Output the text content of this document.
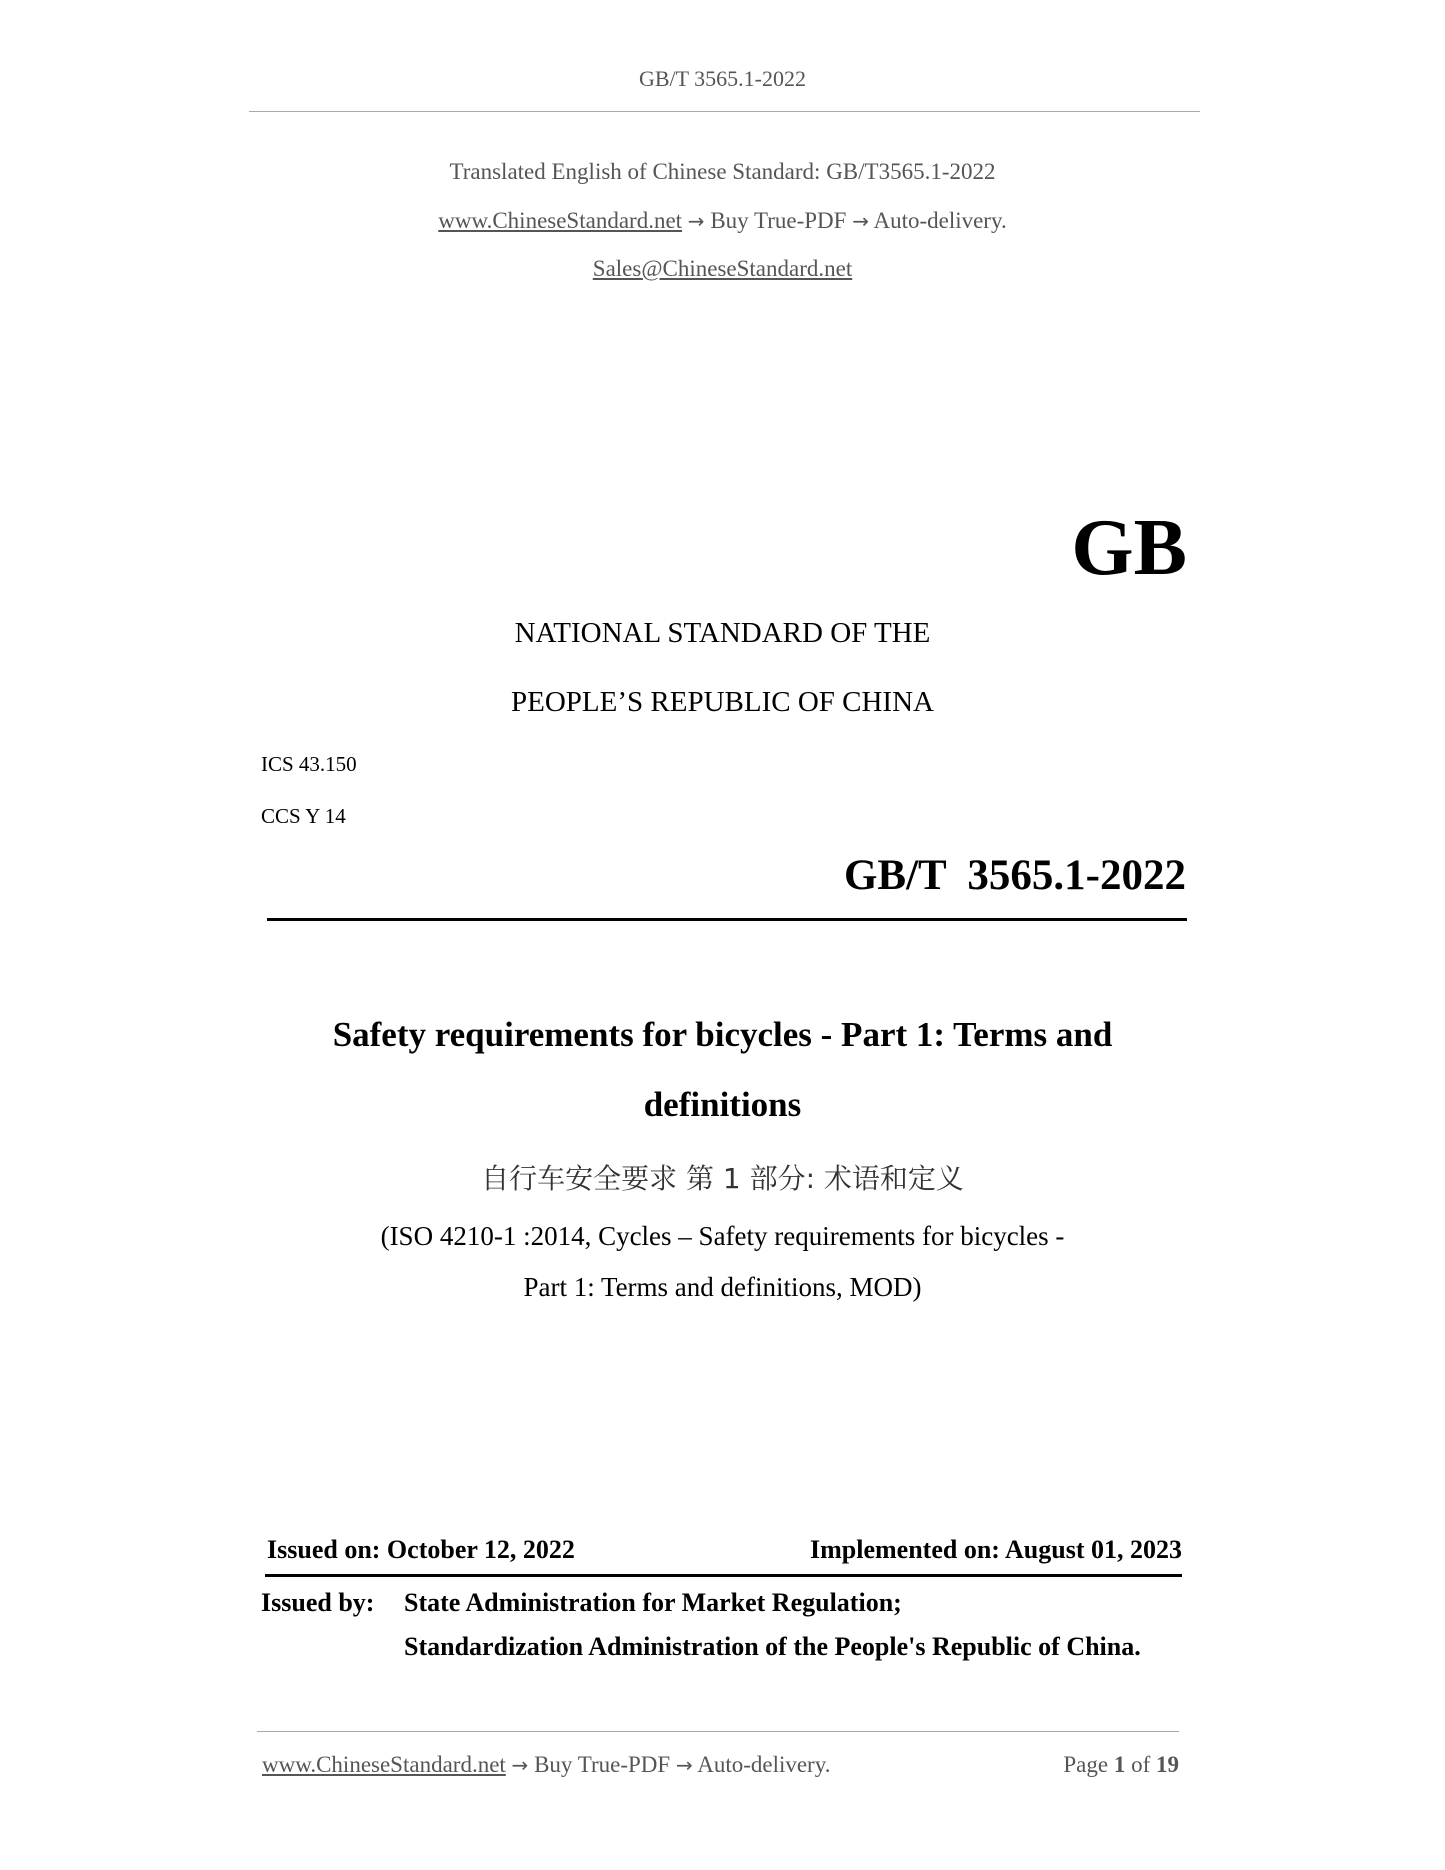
GB/T 3565.1-2022
Translated English of Chinese Standard: GB/T3565.1-2022
www.ChineseStandard.net → Buy True-PDF → Auto-delivery.
Sales@ChineseStandard.net
GB
NATIONAL STANDARD OF THE
PEOPLE’S REPUBLIC OF CHINA
ICS 43.150
CCS Y 14
GB/T  3565.1-2022
Safety requirements for bicycles - Part 1: Terms and
definitions
自行车安全要求 第 1 部分: 术语和定义
(ISO 4210-1 :2014, Cycles – Safety requirements for bicycles -
Part 1: Terms and definitions, MOD)
Issued on: October 12, 2022	Implemented on: August 01, 2023
Issued by: State Administration for Market Regulation;
Standardization Administration of the People's Republic of China.
www.ChineseStandard.net → Buy True-PDF → Auto-delivery.	Page 1 of 19
